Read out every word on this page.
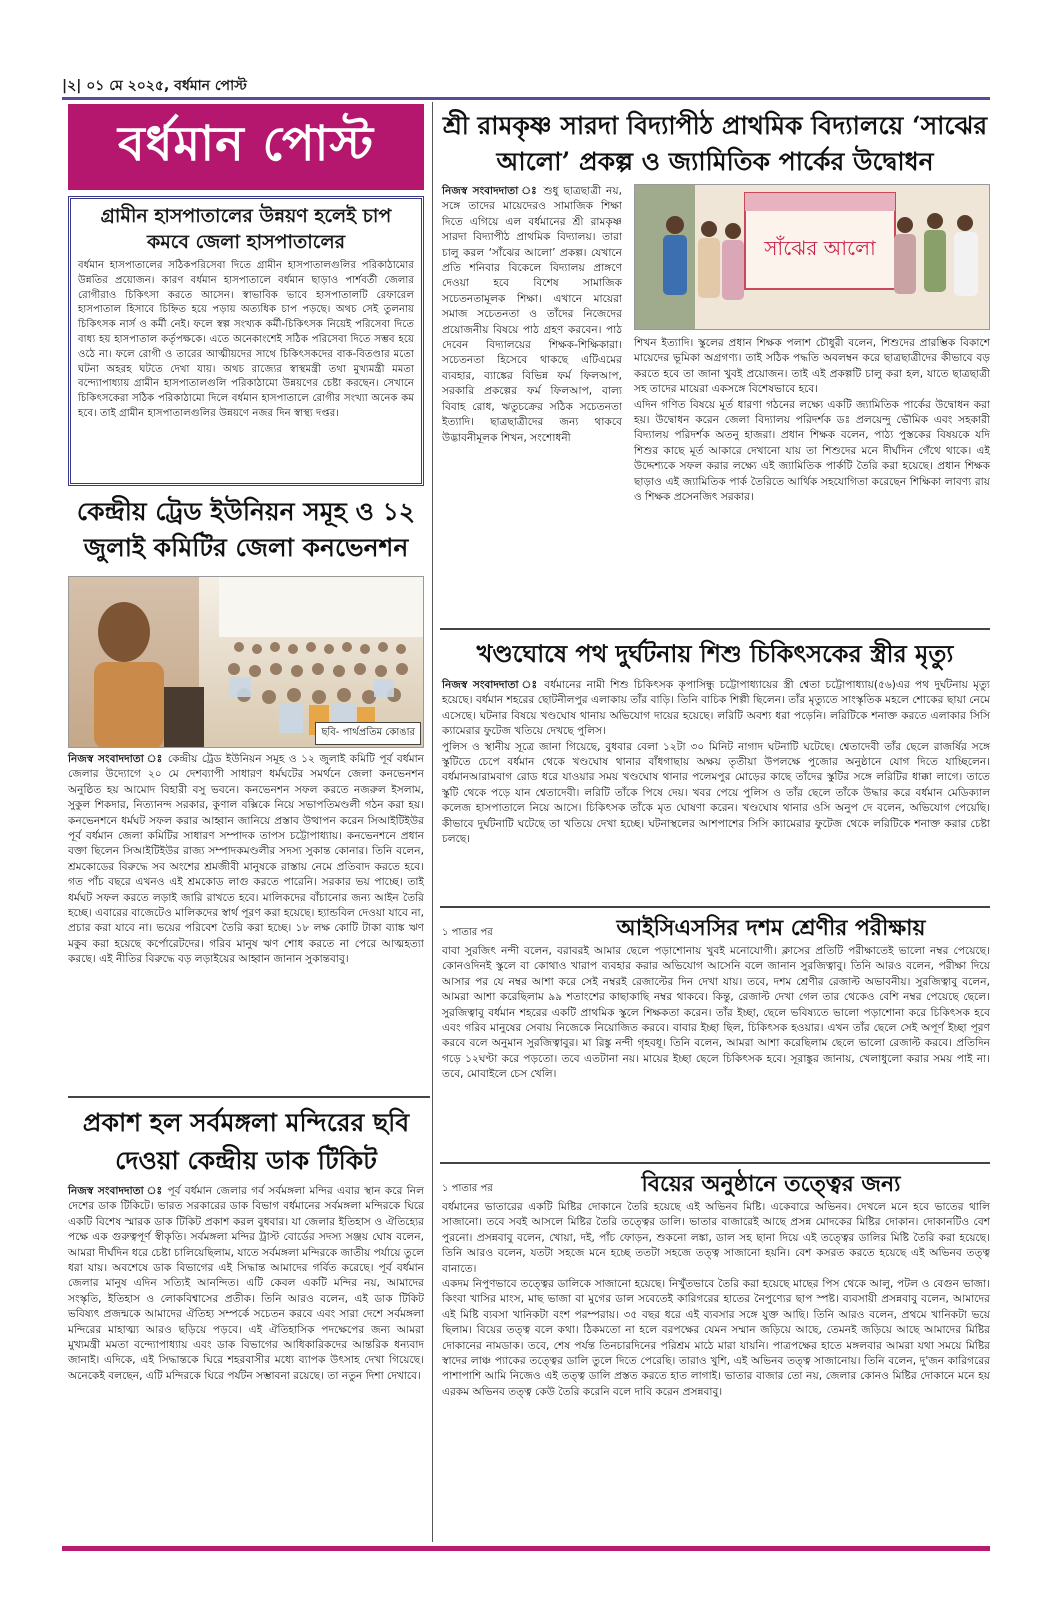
|২| ০১ মে ২০২৫, বর্ধমান পোস্ট
বর্ধমান পোস্ট
গ্রামীন হাসপাতালের উন্নয়ণ হলেই চাপ কমবে জেলা হাসপাতালের
বর্ধমান হাসপাতালের সঠিকপরিসেবা দিতে গ্রামীন হাসপাতালগুলির পরিকাঠামোর উন্নতির প্রয়োজন। কারণ বর্ধমান হাসপাতালে বর্ধমান ছাড়াও পার্শবর্তী জেলার রোগীরাও চিকিৎসা করতে আসেন। স্বাভাবিক ভাবে হাসপাতালটি রেফারেল হাসপাতাল হিসাবে চিহ্নিত হয়ে পড়ায় অত্যধিক চাপ পড়ছে। অথচ সেই তুলনায় চিকিৎসক নার্স ও কর্মী নেই। ফলে স্বল্প সংখ্যক কর্মী-চিকিৎসক নিয়েই পরিসেবা দিতে বাধ্য হয় হাসপাতাল কর্তৃপক্ষকে। এতে অনেকাংশেই সঠিক পরিসেবা দিতে সম্ভব হয়ে ওঠে না। ফলে রোগী ও তারের আত্মীয়দের সাথে চিকিৎসকদের বাক-বিতণ্ডার মতো ঘটনা অহরহ ঘটতে দেখা যায়। অথচ রাজ্যের স্বাস্থমন্ত্রী তথা মুখ্যমন্ত্রী মমতা বন্দ্যোপাধ্যায় গ্রামীন হাসপাতালগুলি পরিকাঠামো উন্নয়ণের চেষ্টা করছেন। সেখানে চিকিৎসকেরা সঠিক পরিকাঠামো দিলে বর্ধমান হাসপাতালে রোগীর সংখ্যা অনেক কম হবে। তাই গ্রামীন হাসপাতালগুলির উন্নয়ণে নজর দিন স্বাস্থ্য দপ্তর।
কেন্দ্রীয় ট্রেড ইউনিয়ন সমূহ ও ১২ জুলাই কমিটির জেলা কনভেনশন
ছবি- পার্থপ্রতিম কোঙার
নিজস্ব সংবাদদাতা ঃ কেন্দ্রীয় ট্রেড ইউনিয়ন সমূহ ও ১২ জুলাই কমিটি পূর্ব বর্ধমান জেলার উদ্যোগে ২০ মে দেশব্যাপী সাধারণ ধর্মঘটের সমর্থনে জেলা কনভেনশন অনুষ্ঠিত হয় আমোদ বিহারী বসু ভবনে। কনভেনশন সফল করতে নজরুল ইসলাম, সুকুল শিকদার, নিত্যানন্দ সরকার, কুণাল বক্সিকে নিয়ে সভাপতিমণ্ডলী গঠন করা হয়। কনভেনশনে ধর্মঘট সফল করার আহ্বান জানিয়ে প্রস্তাব উত্থাপন করেন সিআইটিইউর পূর্ব বর্ধমান জেলা কমিটির সাধারণ সম্পাদক তাপস চট্টোপাধ্যায়। কনভেনশনে প্রধান বক্তা ছিলেন সিআইটিইউর রাজ্য সম্পাদকমণ্ডলীর সদস্য সুকান্ত কোনার। তিনি বলেন, শ্রমকোডের বিরুদ্ধে সব অংশের শ্রমজীবী মানুষকে রাস্তায় নেমে প্রতিবাদ করতে হবে। গত পাঁচ বছরে এখনও এই শ্রমকোড লাগু করতে পারেনি। সরকার ভয় পাচ্ছে। তাই ধর্মঘট সফল করতে লড়াই জারি রাখতে হবে। মালিকদের বাঁচানোর জন্য আইন তৈরি হচ্ছে। এবারের বাজেটেও মালিকদের স্বার্থ পূরণ করা হয়েছে। হ্যান্ডবিল দেওয়া যাবে না, প্রচার করা যাবে না। ভয়ের পরিবেশ তৈরি করা হচ্ছে। ১৮ লক্ষ কোটি টাকা ব্যাঙ্ক ঋণ মকুব করা হয়েছে কর্পোরেটদের। গরিব মানুষ ঋণ শোধ করতে না পেরে আত্মহত্যা করছে। এই নীতির বিরুদ্ধে বড় লড়াইয়ের আহ্বান জানান সুকান্তবাবু।
প্রকাশ হল সর্বমঙ্গলা মন্দিরের ছবি দেওয়া কেন্দ্রীয় ডাক টিকিট
নিজস্ব সংবাদদাতা ঃ পূর্ব বর্ধমান জেলার গর্ব সর্বমঙ্গলা মন্দির এবার স্থান করে নিল দেশের ডাক টিকিটে। ভারত সরকারের ডাক বিভাগ বর্ধমানের সর্বমঙ্গলা মন্দিরকে ঘিরে একটি বিশেষ স্মারক ডাক টিকিট প্রকাশ করল বুধবার। যা জেলার ইতিহাস ও ঐতিহ্যের পক্ষে এক গুরুত্বপূর্ণ স্বীকৃতি। সর্বমঙ্গলা মন্দির ট্রাস্ট বোর্ডের সদস্য সঞ্জয় ঘোষ বলেন, আমরা দীর্ঘদিন ধরে চেষ্টা চালিয়েছিলাম, যাতে সর্বমঙ্গলা মন্দিরকে জাতীয় পর্যায়ে তুলে ধরা যায়। অবশেষে ডাক বিভাগের এই সিদ্ধান্ত আমাদের গর্বিত করেছে। পূর্ব বর্ধমান জেলার মানুষ এদিন সত্যিই আনন্দিত। এটি কেবল একটি মন্দির নয়, আমাদের সংস্কৃতি, ইতিহাস ও লোকবিশ্বাসের প্রতীক। তিনি আরও বলেন, এই ডাক টিকিট ভবিষ্যৎ প্রজন্মকে আমাদের ঐতিহ্য সম্পর্কে সচেতন করবে এবং সারা দেশে সর্বমঙ্গলা মন্দিরের মাহাত্ম্য আরও ছড়িয়ে পড়বে। এই ঐতিহাসিক পদক্ষেপের জন্য আমরা মুখ্যমন্ত্রী মমতা বন্দ্যোপাধ্যায় এবং ডাক বিভাগের আধিকারিকদের আন্তরিক ধন্যবাদ জানাই। এদিকে, এই সিদ্ধান্তকে ঘিরে শহরবাসীর মধ্যে ব্যাপক উৎসাহ দেখা গিয়েছে। অনেকেই বলছেন, এটি মন্দিরকে ঘিরে পর্যটন সম্ভাবনা রয়েছে। তা নতুন দিশা দেখাবে।
শ্রী রামকৃষ্ণ সারদা বিদ্যাপীঠ প্রাথমিক বিদ্যালয়ে ‘সাঝের আলো’ প্রকল্প ও জ্যামিতিক পার্কের উদ্বোধন
নিজস্ব সংবাদদাতা ঃ শুধু ছাত্রছাত্রী নয়, সঙ্গে তাদের মায়েদেরও সামাজিক শিক্ষা দিতে এগিয়ে এল বর্ধমানের শ্রী রামকৃষ্ণ সারদা বিদ্যাপীঠ প্রাথমিক বিদ্যালয়। তারা চালু করল ‘সাঁঝের আলো’ প্রকল্প। যেখানে প্রতি শনিবার বিকেলে বিদ্যালয় প্রাঙ্গণে দেওয়া হবে বিশেষ সামাজিক সচেতনতামূলক শিক্ষা। এখানে মায়েরা সমাজ সচেতনতা ও তাঁদের নিজেদের প্রয়োজনীয় বিষয়ে পাঠ গ্রহণ করবেন। পাঠ দেবেন বিদ্যালয়ের শিক্ষক-শিক্ষিকারা। সচেতনতা হিসেবে থাকছে এটিএমের ব্যবহার, ব্যাঙ্কের বিভিন্ন ফর্ম ফিলআপ, সরকারি প্রকল্পের ফর্ম ফিলআপ, বাল্য বিবাহ রোধ, ঋতুচক্রের সঠিক সচেতনতা ইত্যাদি। ছাত্রছাত্রীদের জন্য থাকবে উদ্ভাবনীমূলক শিখন, সংশোধনী
সাঁঝের আলো
শিখন ইত্যাদি। স্কুলের প্রধান শিক্ষক পলাশ চৌধুরী বলেন, শিশুদের প্রারম্ভিক বিকাশে মায়েদের ভূমিকা অগ্রগণ্য। তাই সঠিক পদ্ধতি অবলম্বন করে ছাত্রছাত্রীদের কীভাবে বড় করতে হবে তা জানা খুবই প্রয়োজন। তাই এই প্রকল্পটি চালু করা হল, যাতে ছাত্রছাত্রী সহ তাদের মায়েরা একসঙ্গে বিশেষভাবে হবে।
এদিন গণিত বিষয়ে মূর্ত ধারণা গঠনের লক্ষ্যে একটি জ্যামিতিক পার্কের উদ্বোধন করা হয়। উদ্বোধন করেন জেলা বিদ্যালয় পরিদর্শক ডঃ প্রলয়েন্দু ভৌমিক এবং সহকারী বিদ্যালয় পরিদর্শক অতনু হাজরা। প্রধান শিক্ষক বলেন, পাঠ্য পুস্তকের বিষয়কে যদি শিশুর কাছে মূর্ত আকারে দেখানো যায় তা শিশুদের মনে দীর্ঘদিন গেঁথে থাকে। এই উদ্দেশ্যকে সফল করার লক্ষ্যে এই জ্যামিতিক পার্কটি তৈরি করা হয়েছে। প্রধান শিক্ষক ছাড়াও এই জ্যামিতিক পার্ক তৈরিতে আর্থিক সহযোগিতা করেছেন শিক্ষিকা লাবণ্য রায় ও শিক্ষক প্রসেনজিৎ সরকার।
খণ্ডঘোষে পথ দুর্ঘটনায় শিশু চিকিৎসকের স্ত্রীর মৃত্যু
নিজস্ব সংবাদদাতা ঃ বর্ধমানের নামী শিশু চিকিৎসক কৃপাসিন্ধু চট্টোপাধ্যায়ের স্ত্রী শ্বেতা চট্টোপাধ্যায়(৫৬)এর পথ দুর্ঘটনায় মৃত্যু হয়েছে। বর্ধমান শহরের ছোটনীলপুর এলাকায় তাঁর বাড়ি। তিনি বাচিক শিল্পী ছিলেন। তাঁর মৃত্যুতে সাংস্কৃতিক মহলে শোকের ছায়া নেমে এসেছে। ঘটনার বিষয়ে খণ্ডঘোষ থানায় অভিযোগ দায়ের হয়েছে। লরিটি অবশ্য ধরা পড়েনি। লরিটিকে শনাক্ত করতে এলাকার সিসি ক্যামেরার ফুটেজ খতিয়ে দেখছে পুলিস।
পুলিস ও স্থানীয় সূত্রে জানা গিয়েছে, বুধবার বেলা ১২টা ৩০ মিনিট নাগাদ ঘটনাটি ঘটেছে। শ্বেতাদেবী তাঁর ছেলে রাজর্ষির সঙ্গে স্কুটিতে চেপে বর্ধমান থেকে খণ্ডঘোষ থানার বাঁধগাছায় অক্ষয় তৃতীয়া উপলক্ষে পুজোর অনুষ্ঠানে যোগ দিতে যাচ্ছিলেন। বর্ধমানআরামবাগ রোড ধরে যাওয়ার সময় খণ্ডঘোষ থানার পলেমপুর মোড়ের কাছে তাঁদের স্কুটির সঙ্গে লরিটির ধাক্কা লাগে। তাতে স্কুটি থেকে পড়ে যান শ্বেতাদেবী। লরিটি তাঁকে পিষে দেয়। খবর পেয়ে পুলিস ও তাঁর ছেলে তাঁকে উদ্ধার করে বর্ধমান মেডিক্যাল কলেজ হাসপাতালে নিয়ে আসে। চিকিৎসক তাঁকে মৃত ঘোষণা করেন। খণ্ডঘোষ থানার ওসি অনুপ দে বলেন, অভিযোগ পেয়েছি। কীভাবে দুর্ঘটনাটি ঘটেছে তা খতিয়ে দেখা হচ্ছে। ঘটনাস্থলের আশপাশের সিসি ক্যামেরার ফুটেজ থেকে লরিটিকে শনাক্ত করার চেষ্টা চলছে।
১ পাতার পর	আইসিএসসির দশম শ্রেণীর পরীক্ষায়
বাবা সুরজিৎ নন্দী বলেন, বরাবরই আমার ছেলে পড়াশোনায় খুবই মনোযোগী। ক্লাসের প্রতিটি পরীক্ষাতেই ভালো নম্বর পেয়েছে। কোনওদিনই স্কুলে বা কোথাও খারাপ ব্যবহার করার অভিযোগ আসেনি বলে জানান সুরজিত্বাবু। তিনি আরও বলেন, পরীক্ষা দিয়ে আসার পর যে নম্বর আশা করে সেই নম্বরই রেজাল্টের দিন দেখা যায়। তবে, দশম শ্রেণীর রেজাল্ট অভাবনীয়। সুরজিত্বাবু বলেন, আমরা আশা করেছিলাম ৯৯ শতাংশের কাছাকাছি নম্বর থাকবে। কিন্তু, রেজাল্ট দেখা গেল তার থেকেও বেশি নম্বর পেয়েছে ছেলে। সুরজিত্বাবু বর্ধমান শহরের একটি প্রাথমিক স্কুলে শিক্ষকতা করেন। তাঁর ইচ্ছা, ছেলে ভবিষ্যতে ভালো পড়াশোনা করে চিকিৎসক হবে এবং গরিব মানুষের সেবায় নিজেকে নিয়োজিত করবে। বাবার ইচ্ছা ছিল, চিকিৎসক হওয়ার। এখন তাঁর ছেলে সেই অপূর্ণ ইচ্ছা পূরণ করবে বলে অনুমান সুরজিত্বাবুর। মা রিঙ্কু নন্দী গৃহবধূ। তিনি বলেন, আমরা আশা করেছিলাম ছেলে ভালো রেজাল্ট করবে। প্রতিদিন গড়ে ১২ঘণ্টা করে পড়তো। তবে এতটানা নয়। মায়ের ইচ্ছা ছেলে চিকিৎসক হবে। সূরাঙ্কুর জানায়, খেলাধুলো করার সময় পাই না। তবে, মোবাইলে চেস খেলি।
১ পাতার পর	বিয়ের অনুষ্ঠানে তত্ত্বের জন্য
বর্ধমানের ভাতারের একটি মিষ্টির দোকানে তৈরি হয়েছে এই অভিনব মিষ্টি। একেবারে অভিনব। দেখলে মনে হবে ভাতের থালি সাজানো। তবে সবই আসলে মিষ্টির তৈরি তত্ত্বের ডালি। ভাতার বাজারেই আছে প্রসন্ন মোদকের মিষ্টির দোকান। দোকানটিও বেশ পুরনো। প্রসন্নবাবু বলেন, খোয়া, দই, পাঁচ ফোড়ন, শুকনো লঙ্কা, ডাল সহ ছানা দিয়ে এই তত্ত্বের ডালির মিষ্টি তৈরি করা হয়েছে। তিনি আরও বলেন, যতটা সহজে মনে হচ্ছে ততটা সহজে তত্ত্ব সাজানো হয়নি। বেশ কসরত করতে হয়েছে এই অভিনব তত্ত্ব বানাতে।
একদম নিপুণভাবে তত্ত্বের ডালিকে সাজানো হয়েছে। নিখুঁতভাবে তৈরি করা হয়েছে মাছের পিস থেকে আলু, পটল ও বেগুন ভাজা। কিংবা খাসির মাংস, মাছ ভাজা বা মুগের ডাল সবেতেই কারিগরের হাতের নৈপুণ্যের ছাপ স্পষ্ট। ব্যবসায়ী প্রসন্নবাবু বলেন, আমাদের এই মিষ্টি ব্যবসা খানিকটা বংশ পরম্পরায়। ৩৫ বছর ধরে এই ব্যবসার সঙ্গে যুক্ত আছি। তিনি আরও বলেন, প্রথমে খানিকটা ভয়ে ছিলাম। বিয়ের তত্ত্ব বলে কথা। ঠিকমতো না হলে বরপক্ষের যেমন সম্মান জড়িয়ে আছে, তেমনই জড়িয়ে আছে আমাদের মিষ্টির দোকানের নামডাক। তবে, শেষ পর্যন্ত তিনচারদিনের পরিশ্রম মাঠে মারা যায়নি। পাত্রপক্ষের হাতে মঙ্গলবার আমরা যথা সময়ে মিষ্টির স্বাদের লাঞ্চ প্যাকের তত্ত্বের ডালি তুলে দিতে পেরেছি। তারাও খুশি, এই অভিনব তত্ত্ব সাজানোয়। তিনি বলেন, দু'জন কারিগরের পাশাপাশি আমি নিজেও এই তত্ত্ব ডালি প্রস্তত করতে হাত লাগাই। ভাতার বাজার তো নয়, জেলার কোনও মিষ্টির দোকানে মনে হয় এরকম অভিনব তত্ত্ব কেউ তৈরি করেনি বলে দাবি করেন প্রসন্নবাবু।
